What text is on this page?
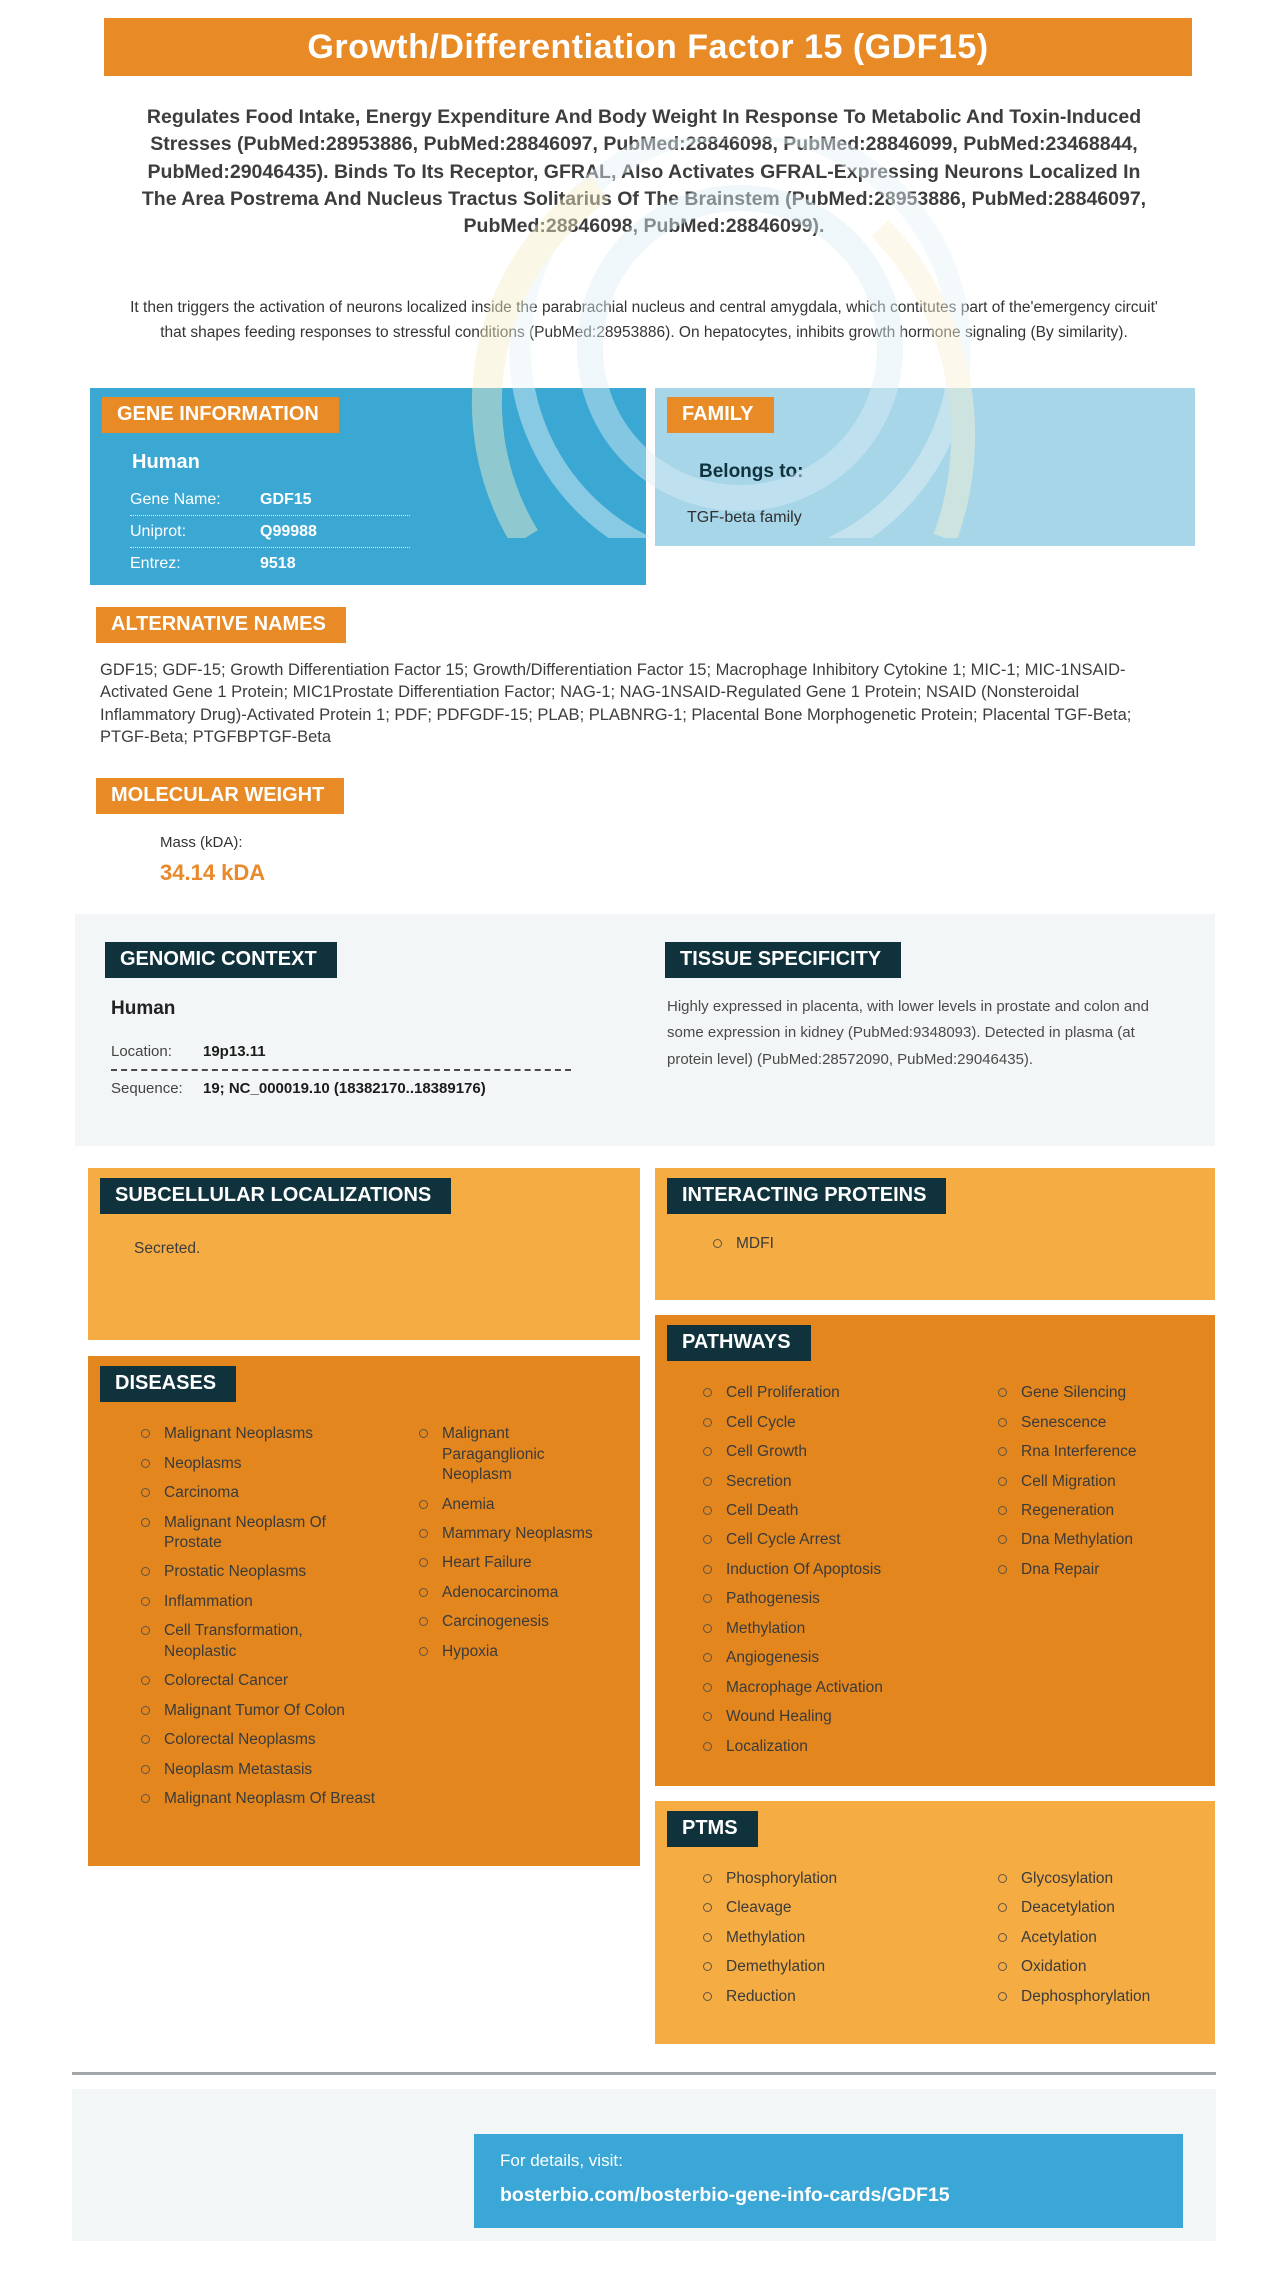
Growth/Differentiation Factor 15 (GDF15)

Regulates Food Intake, Energy Expenditure And Body Weight In Response To Metabolic And Toxin-Induced Stresses (PubMed:28953886, PubMed:28846097, PubMed:28846098, PubMed:28846099, PubMed:23468844, PubMed:29046435). Binds To Its Receptor, GFRAL, Also Activates GFRAL-Expressing Neurons Localized In The Area Postrema And Nucleus Tractus Solitarius Of The Brainstem (PubMed:28953886, PubMed:28846097, PubMed:28846098, PubMed:28846099).

It then triggers the activation of neurons localized inside the parabrachial nucleus and central amygdala, which contitutes part of the'emergency circuit' that shapes feeding responses to stressful conditions (PubMed:28953886). On hepatocytes, inhibits growth hormone signaling (By similarity).

GENE INFORMATION
Human
Gene Name:	GDF15
Uniprot:	Q99988
Entrez:	9518
FAMILY
Belongs to:
TGF-beta family
ALTERNATIVE NAMES

GDF15; GDF-15; Growth Differentiation Factor 15; Growth/Differentiation Factor 15; Macrophage Inhibitory Cytokine 1; MIC-1; MIC-1NSAID-Activated Gene 1 Protein; MIC1Prostate Differentiation Factor; NAG-1; NAG-1NSAID-Regulated Gene 1 Protein; NSAID (Nonsteroidal Inflammatory Drug)-Activated Protein 1; PDF; PDFGDF-15; PLAB; PLABNRG-1; Placental Bone Morphogenetic Protein; Placental TGF-Beta; PTGF-Beta; PTGFBPTGF-Beta

MOLECULAR WEIGHT
Mass (kDA):
34.14 kDA
GENOMIC CONTEXT
Human
Location:	19p13.11
Sequence:	19; NC_000019.10 (18382170..18389176)
TISSUE SPECIFICITY

Highly expressed in placenta, with lower levels in prostate and colon and some expression in kidney (PubMed:9348093). Detected in plasma (at protein level) (PubMed:28572090, PubMed:29046435).

SUBCELLULAR LOCALIZATIONS
Secreted.
DISEASES
Malignant Neoplasms
Neoplasms
Carcinoma
Malignant Neoplasm Of Prostate
Prostatic Neoplasms
Inflammation
Cell Transformation, Neoplastic
Colorectal Cancer
Malignant Tumor Of Colon
Colorectal Neoplasms
Neoplasm Metastasis
Malignant Neoplasm Of Breast
Malignant Paraganglionic Neoplasm
Anemia
Mammary Neoplasms
Heart Failure
Adenocarcinoma
Carcinogenesis
Hypoxia
INTERACTING PROTEINS
MDFI
PATHWAYS
Cell Proliferation
Cell Cycle
Cell Growth
Secretion
Cell Death
Cell Cycle Arrest
Induction Of Apoptosis
Pathogenesis
Methylation
Angiogenesis
Macrophage Activation
Wound Healing
Localization
Gene Silencing
Senescence
Rna Interference
Cell Migration
Regeneration
Dna Methylation
Dna Repair
PTMS
Phosphorylation
Cleavage
Methylation
Demethylation
Reduction
Glycosylation
Deacetylation
Acetylation
Oxidation
Dephosphorylation
For details, visit:
bosterbio.com/bosterbio-gene-info-cards/GDF15
